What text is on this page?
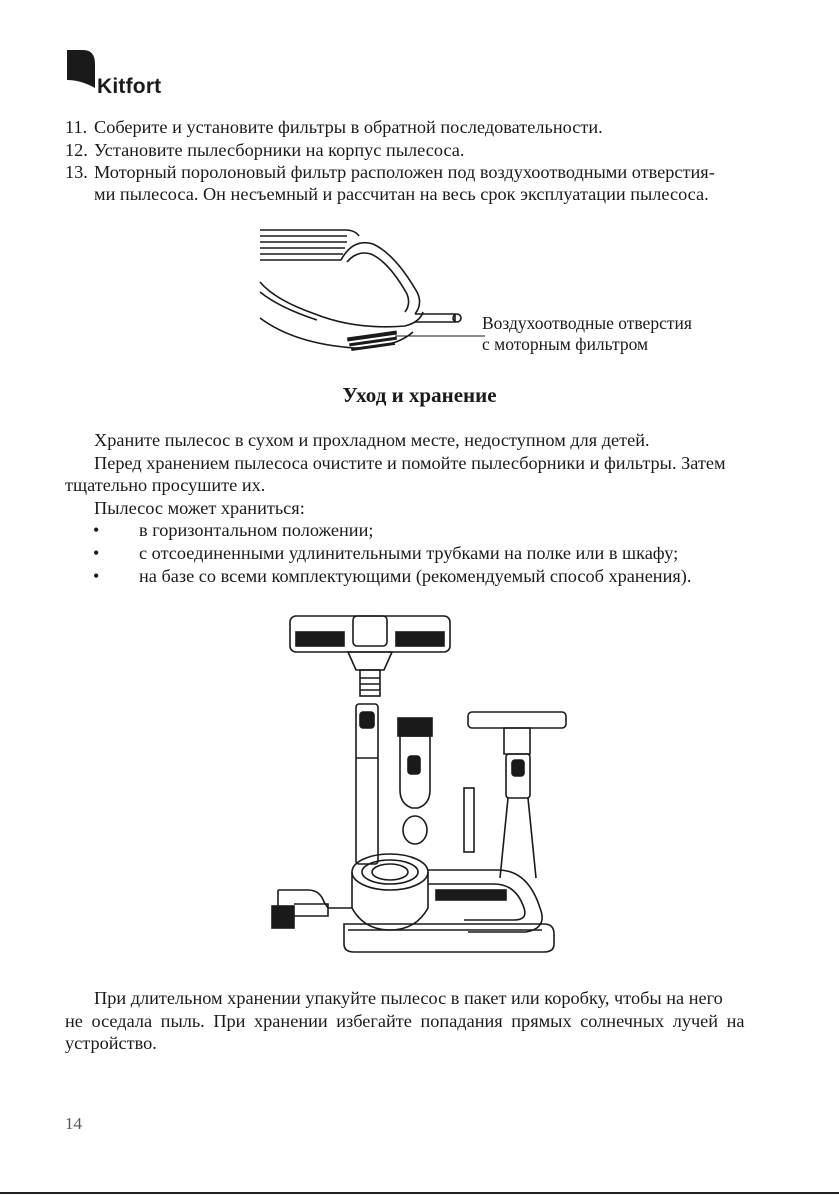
Kitfort
11. Соберите и установите фильтры в обратной последовательности.
12. Установите пылесборники на корпус пылесоса.
13. Моторный поролоновый фильтр расположен под воздухоотводными отверстия-
ми пылесоса. Он несъемный и рассчитан на весь срок эксплуатации пылесоса.
Воздухоотводные отверстия
с моторным фильтром
Уход и хранение
Храните пылесос в сухом и прохладном месте, недоступном для детей.
Перед хранением пылесоса очистите и помойте пылесборники и фильтры. Затем
тщательно просушите их.
Пылесос может храниться:
• в горизонтальном положении;
• с отсоединенными удлинительными трубками на полке или в шкафу;
• на базе со всеми комплектующими (рекомендуемый способ хранения).
При длительном хранении упакуйте пылесос в пакет или коробку, чтобы на него
не оседала пыль. При хранении избегайте попадания прямых солнечных лучей на
устройство.
14
